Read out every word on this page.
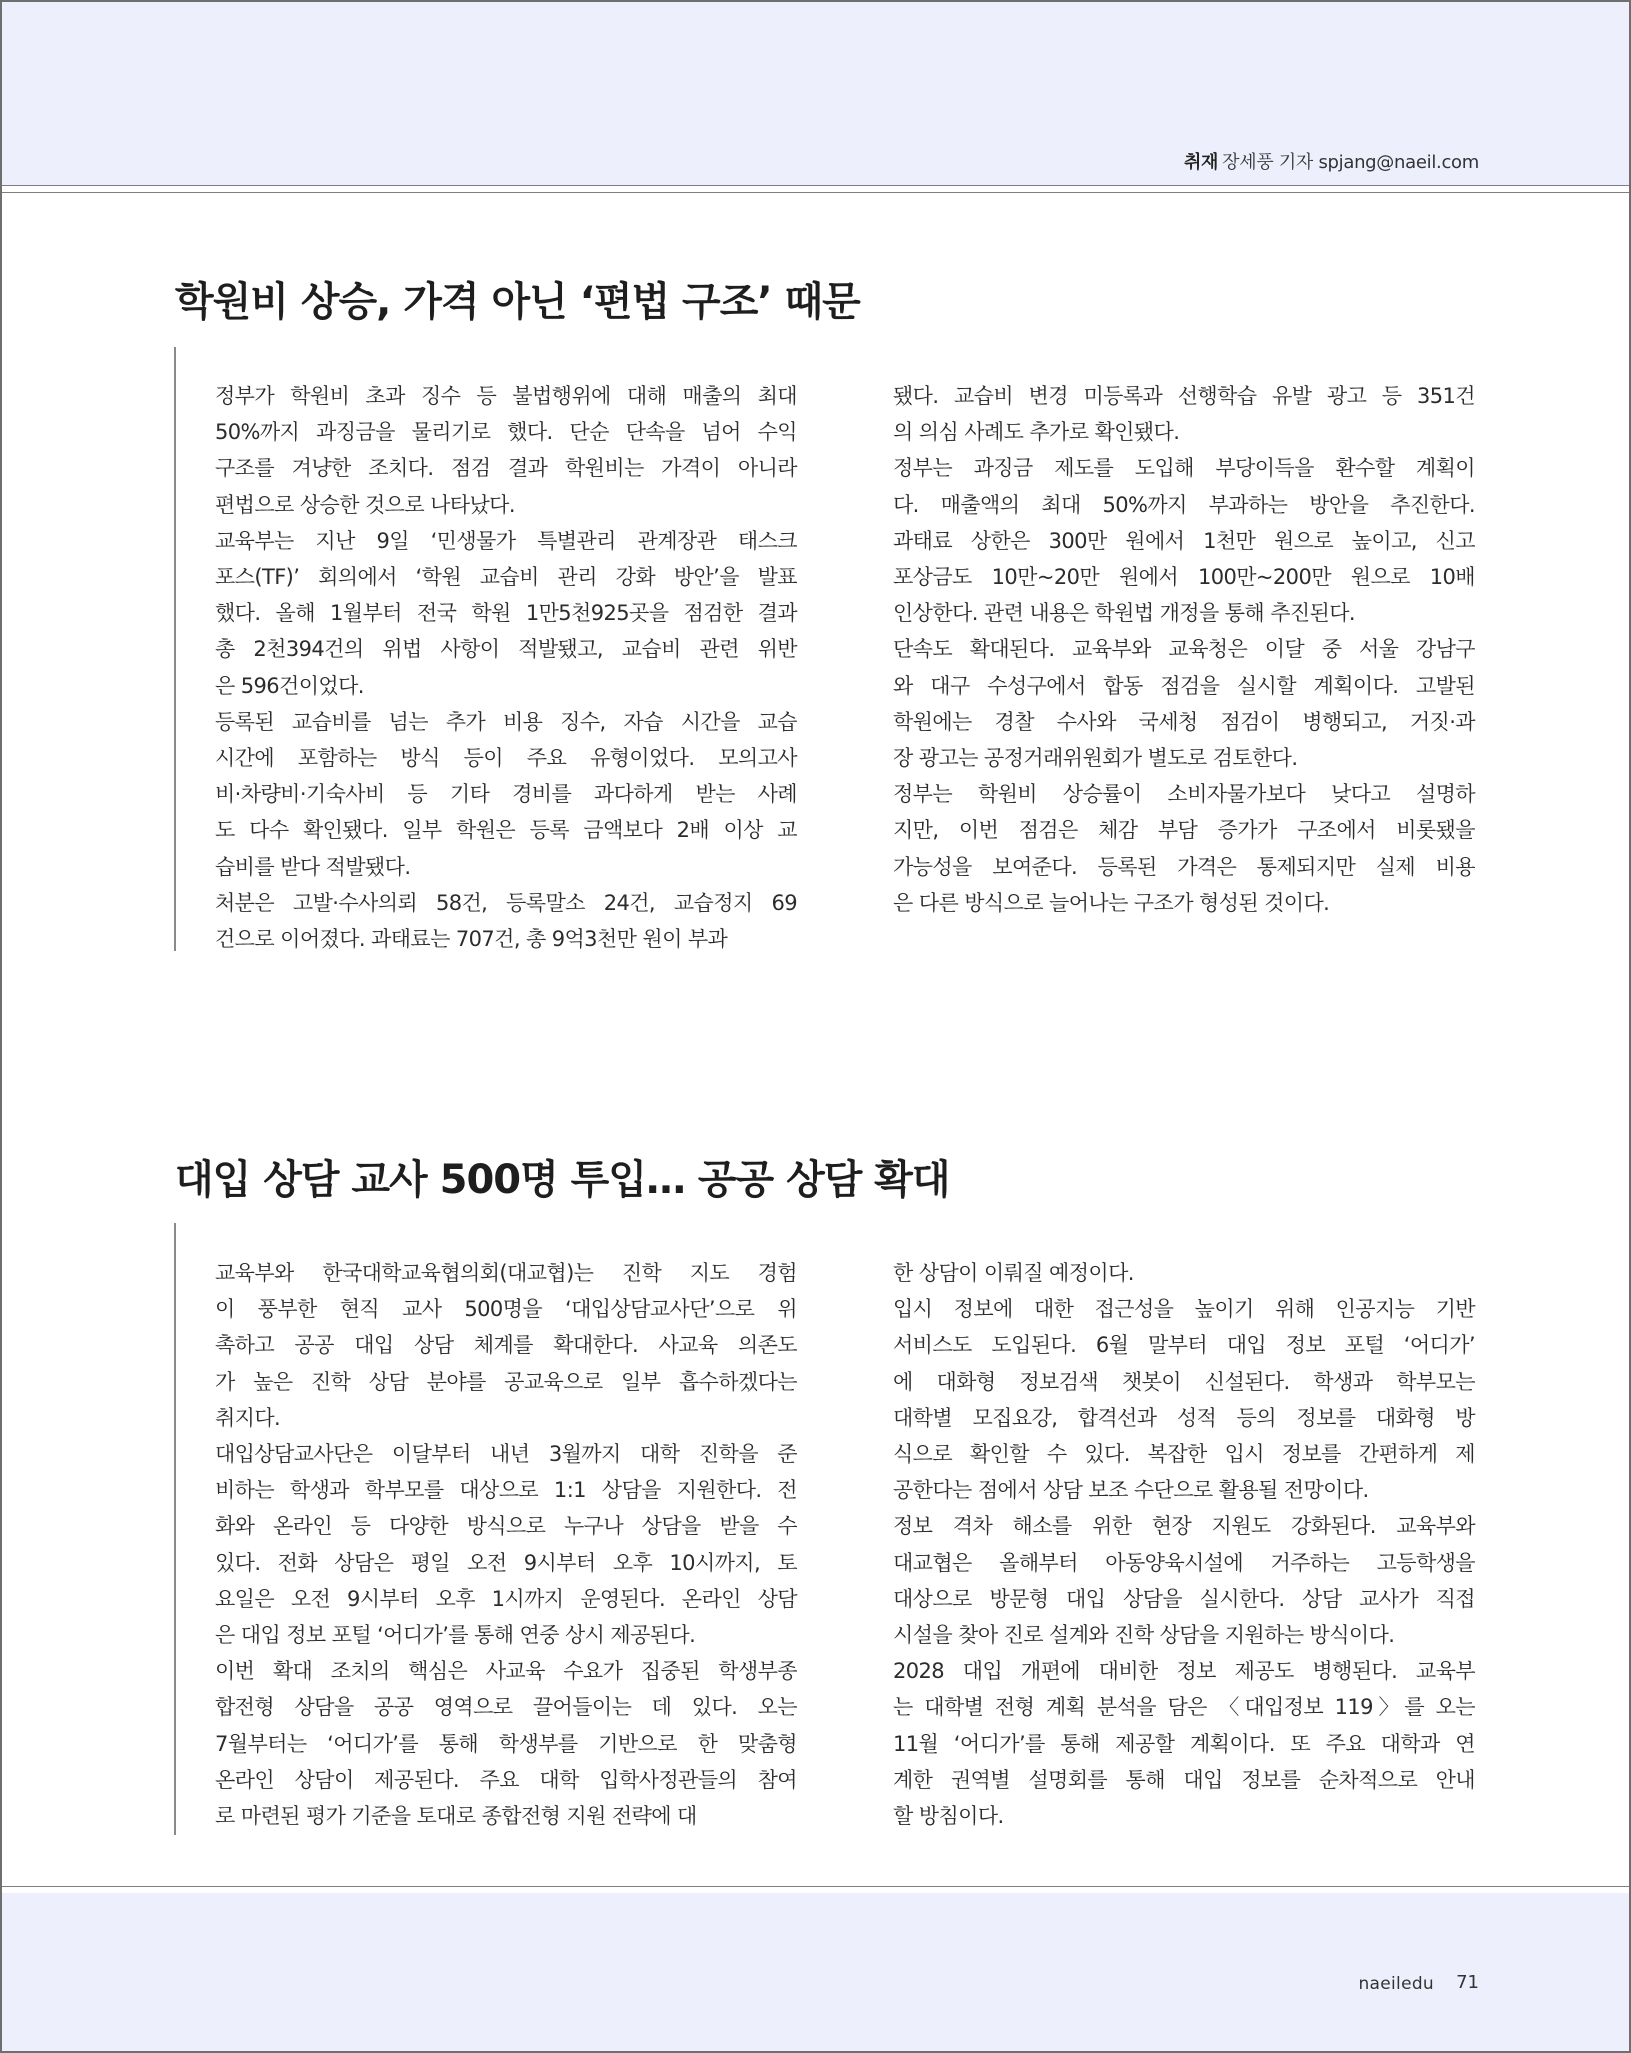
취재 장세풍 기자 spjang@naeil.com
학원비 상승, 가격 아닌 ‘편법 구조’ 때문

정부가 학원비 초과 징수 등 불법행위에 대해 매출의 최대
50%까지 과징금을 물리기로 했다. 단순 단속을 넘어 수익
구조를 겨냥한 조치다. 점검 결과 학원비는 가격이 아니라
편법으로 상승한 것으로 나타났다.

교육부는 지난 9일 ‘민생물가 특별관리 관계장관 태스크
포스(TF)’ 회의에서 ‘학원 교습비 관리 강화 방안’을 발표
했다. 올해 1월부터 전국 학원 1만5천925곳을 점검한 결과
총 2천394건의 위법 사항이 적발됐고, 교습비 관련 위반
은 596건이었다.

등록된 교습비를 넘는 추가 비용 징수, 자습 시간을 교습
시간에 포함하는 방식 등이 주요 유형이었다. 모의고사
비·차량비·기숙사비 등 기타 경비를 과다하게 받는 사례
도 다수 확인됐다. 일부 학원은 등록 금액보다 2배 이상 교
습비를 받다 적발됐다.

처분은 고발·수사의뢰 58건, 등록말소 24건, 교습정지 69
건으로 이어졌다. 과태료는 707건, 총 9억3천만 원이 부과

됐다. 교습비 변경 미등록과 선행학습 유발 광고 등 351건
의 의심 사례도 추가로 확인됐다.

정부는 과징금 제도를 도입해 부당이득을 환수할 계획이
다. 매출액의 최대 50%까지 부과하는 방안을 추진한다.
과태료 상한은 300만 원에서 1천만 원으로 높이고, 신고
포상금도 10만~20만 원에서 100만~200만 원으로 10배
인상한다. 관련 내용은 학원법 개정을 통해 추진된다.

단속도 확대된다. 교육부와 교육청은 이달 중 서울 강남구
와 대구 수성구에서 합동 점검을 실시할 계획이다. 고발된
학원에는 경찰 수사와 국세청 점검이 병행되고, 거짓·과
장 광고는 공정거래위원회가 별도로 검토한다.

정부는 학원비 상승률이 소비자물가보다 낮다고 설명하
지만, 이번 점검은 체감 부담 증가가 구조에서 비롯됐을
가능성을 보여준다. 등록된 가격은 통제되지만 실제 비용
은 다른 방식으로 늘어나는 구조가 형성된 것이다.

대입 상담 교사 500명 투입… 공공 상담 확대

교육부와 한국대학교육협의회(대교협)는 진학 지도 경험
이 풍부한 현직 교사 500명을 ‘대입상담교사단’으로 위
촉하고 공공 대입 상담 체계를 확대한다. 사교육 의존도
가 높은 진학 상담 분야를 공교육으로 일부 흡수하겠다는
취지다.

대입상담교사단은 이달부터 내년 3월까지 대학 진학을 준
비하는 학생과 학부모를 대상으로 1:1 상담을 지원한다. 전
화와 온라인 등 다양한 방식으로 누구나 상담을 받을 수
있다. 전화 상담은 평일 오전 9시부터 오후 10시까지, 토
요일은 오전 9시부터 오후 1시까지 운영된다. 온라인 상담
은 대입 정보 포털 ‘어디가’를 통해 연중 상시 제공된다.

이번 확대 조치의 핵심은 사교육 수요가 집중된 학생부종
합전형 상담을 공공 영역으로 끌어들이는 데 있다. 오는
7월부터는 ‘어디가’를 통해 학생부를 기반으로 한 맞춤형
온라인 상담이 제공된다. 주요 대학 입학사정관들의 참여
로 마련된 평가 기준을 토대로 종합전형 지원 전략에 대

한 상담이 이뤄질 예정이다.

입시 정보에 대한 접근성을 높이기 위해 인공지능 기반
서비스도 도입된다. 6월 말부터 대입 정보 포털 ‘어디가’
에 대화형 정보검색 챗봇이 신설된다. 학생과 학부모는
대학별 모집요강, 합격선과 성적 등의 정보를 대화형 방
식으로 확인할 수 있다. 복잡한 입시 정보를 간편하게 제
공한다는 점에서 상담 보조 수단으로 활용될 전망이다.

정보 격차 해소를 위한 현장 지원도 강화된다. 교육부와
대교협은 올해부터 아동양육시설에 거주하는 고등학생을
대상으로 방문형 대입 상담을 실시한다. 상담 교사가 직접
시설을 찾아 진로 설계와 진학 상담을 지원하는 방식이다.

2028 대입 개편에 대비한 정보 제공도 병행된다. 교육부
는 대학별 전형 계획 분석을 담은 〈대입정보 119〉를 오는
11월 ‘어디가’를 통해 제공할 계획이다. 또 주요 대학과 연
계한 권역별 설명회를 통해 대입 정보를 순차적으로 안내
할 방침이다.

naeiledu 71
